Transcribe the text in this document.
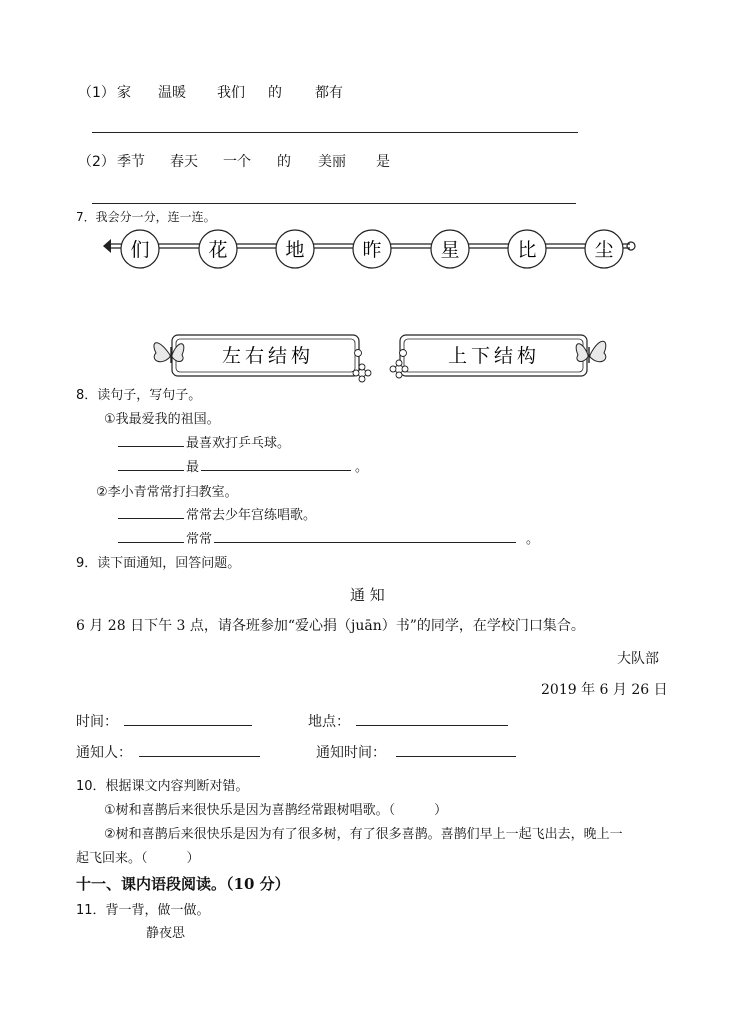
（1） 家 温暖 我们 的 都有
（2） 季节 春天 一个 的 美丽 是
7．我会分一分，连一连。
们	花	地	昨	星	比	尘
左右结构	上下结构
8．读句子，写句子。
①我最爱我的祖国。
最喜欢打乒乓球。
最	。
②李小青常常打扫教室。
常常去少年宫练唱歌。
常常	。
9．读下面通知，回答问题。
通 知
6 月 28 日下午 3 点，请各班参加“爱心捐（juān）书”的同学，在学校门口集合。
大队部
2019 年 6 月 26 日
时间：	地点：
通知人：	通知时间：
10．根据课文内容判断对错。
①树和喜鹊后来很快乐是因为喜鹊经常跟树唱歌。（　　　）
②树和喜鹊后来很快乐是因为有了很多树，有了很多喜鹊。喜鹊们早上一起飞出去，晚上一
起飞回来。（　　　）
十一、课内语段阅读。（10 分）
11．背一背，做一做。
静夜思
